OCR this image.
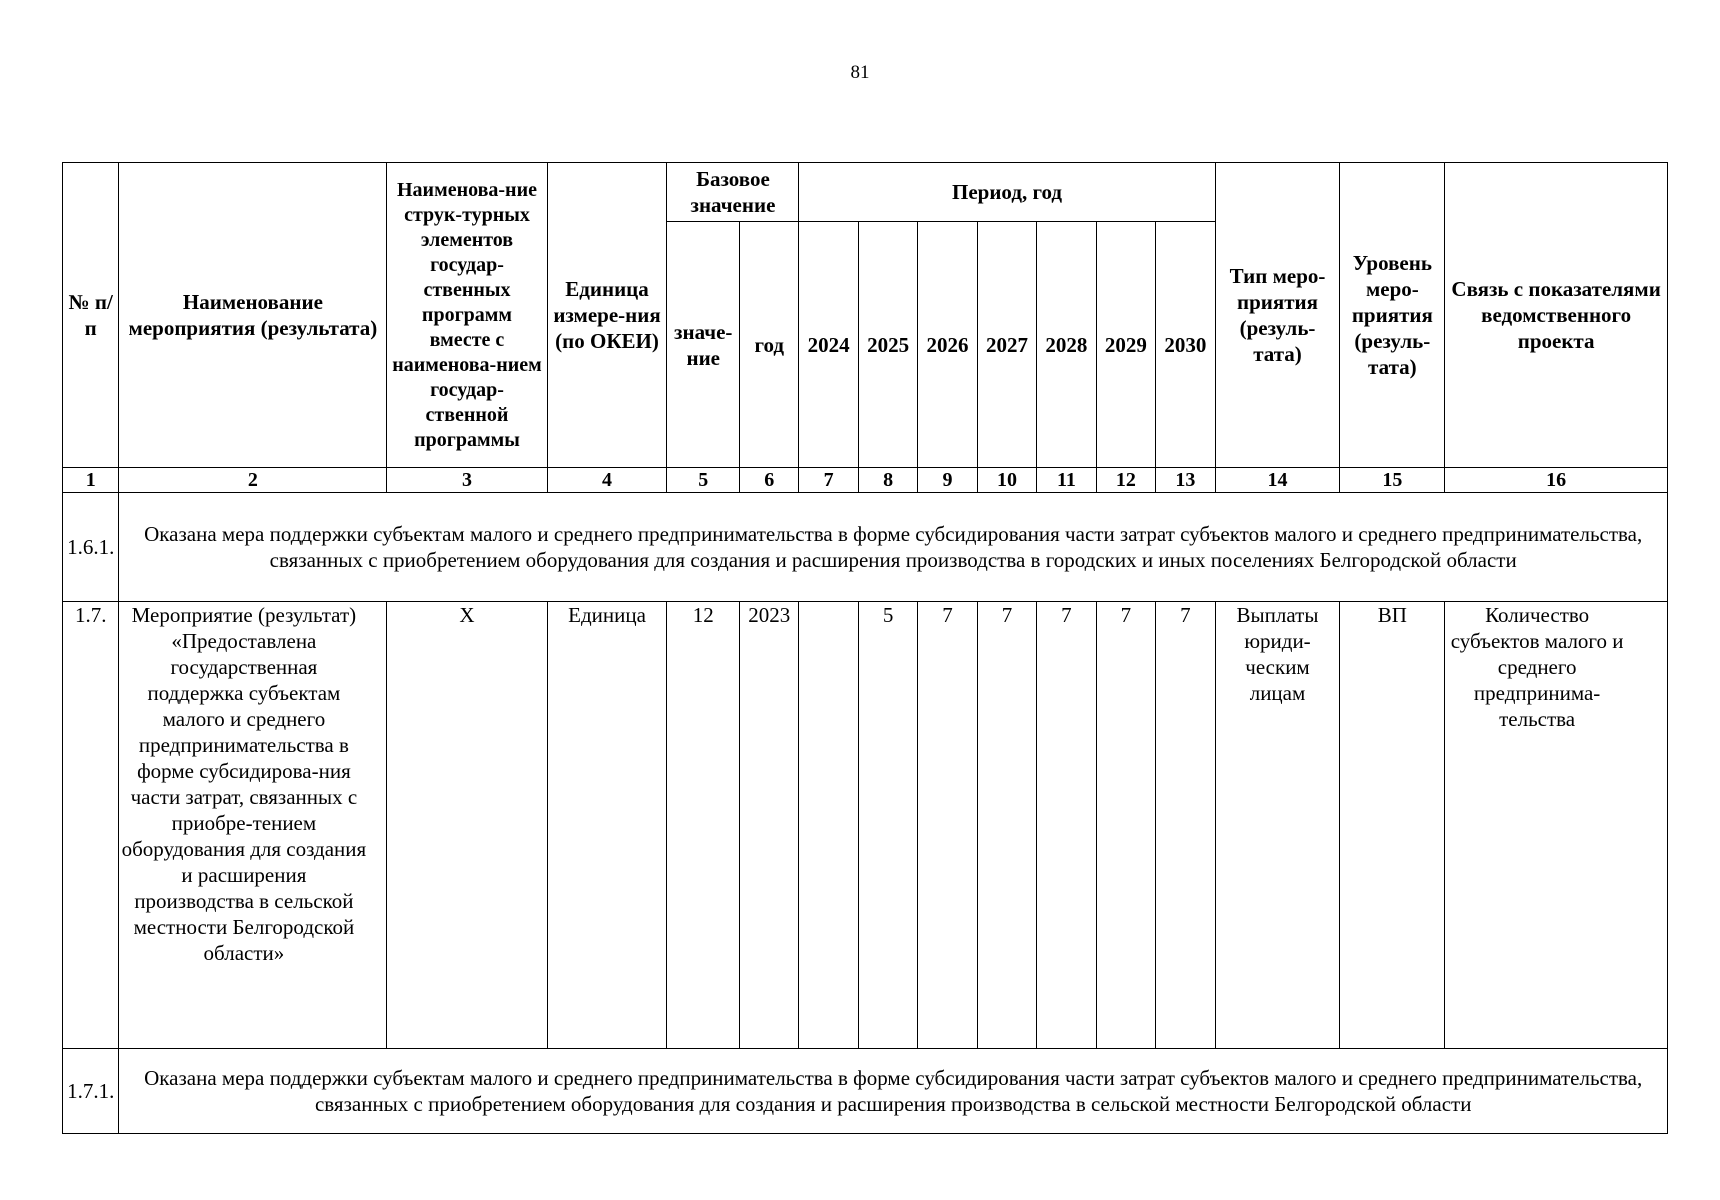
81
№ п/п	Наименование мероприятия (результата)	Наименова-ние струк-турных элементов государ-ственных программ вместе с наименова-нием государ-ственной программы	Единица измере-ния (по ОКЕИ)	Базовое значение		Период, год							Тип меро-приятия (резуль-тата)	Уровень меро-приятия (резуль-тата)	Связь с показателями ведомственного проекта
				значе-ние	год	2024	2025	2026	2027	2028	2029	2030			
1	2	3	4	5	6	7	8	9	10	11	12	13	14	15	16
1.6.1.	Оказана мера поддержки субъектам малого и среднего предпринимательства в форме субсидирования части затрат субъектов малого и среднего предпринимательства, связанных с приобретением оборудования для создания и расширения производства в городских и иных поселениях Белгородской области														
1.7.	Мероприятие (результат) «Предоставлена государственная поддержка субъектам малого и среднего предпринимательства в форме субсидирова-ния части затрат, связанных с приобре-тением оборудования для создания и расширения производства в сельской местности Белгородской области»	Х	Единица	12	2023		5	7	7	7	7	7	Выплаты юриди-ческим лицам	ВП	Количество субъектов малого и среднего предпринима-тельства
1.7.1.	Оказана мера поддержки субъектам малого и среднего предпринимательства в форме субсидирования части затрат субъектов малого и среднего предпринимательства, связанных с приобретением оборудования для создания и расширения производства в сельской местности Белгородской области														
